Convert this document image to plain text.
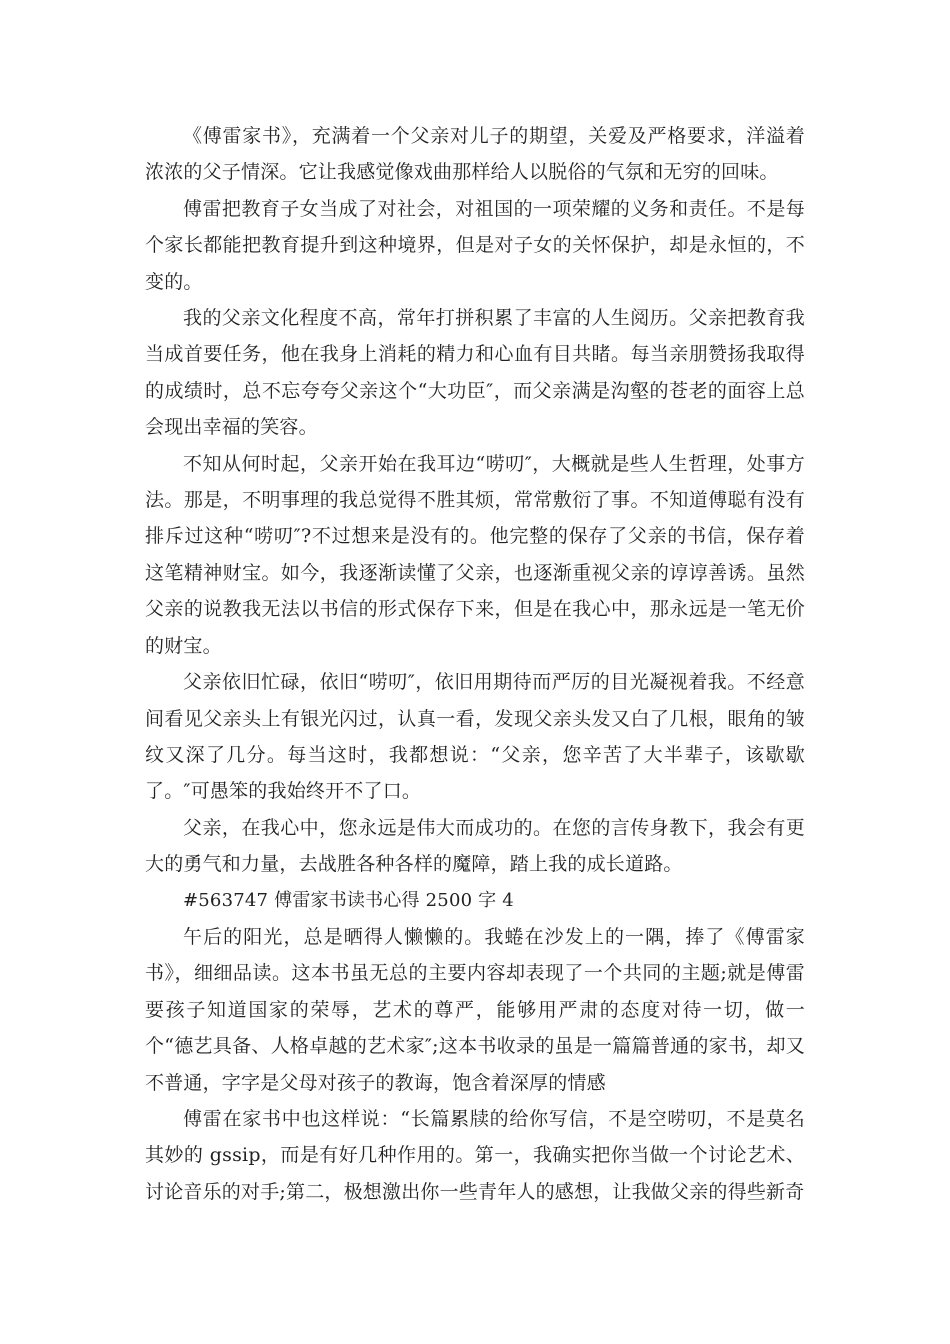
《傅雷家书》，充满着一个父亲对儿子的期望，关爱及严格要求，洋溢着浓浓的父子情深。它让我感觉像戏曲那样给人以脱俗的气氛和无穷的回味。

傅雷把教育子女当成了对社会，对祖国的一项荣耀的义务和责任。不是每个家长都能把教育提升到这种境界，但是对子女的关怀保护，却是永恒的，不变的。

我的父亲文化程度不高，常年打拼积累了丰富的人生阅历。父亲把教育我当成首要任务，他在我身上消耗的精力和心血有目共睹。每当亲朋赞扬我取得的成绩时，总不忘夸夸父亲这个“大功臣″，而父亲满是沟壑的苍老的面容上总会现出幸福的笑容。

不知从何时起，父亲开始在我耳边“唠叨″，大概就是些人生哲理，处事方法。那是，不明事理的我总觉得不胜其烦，常常敷衍了事。不知道傅聪有没有排斥过这种“唠叨″?不过想来是没有的。他完整的保存了父亲的书信，保存着这笔精神财宝。如今，我逐渐读懂了父亲，也逐渐重视父亲的谆谆善诱。虽然父亲的说教我无法以书信的形式保存下来，但是在我心中，那永远是一笔无价的财宝。

父亲依旧忙碌，依旧“唠叨″，依旧用期待而严厉的目光凝视着我。不经意间看见父亲头上有银光闪过，认真一看，发现父亲头发又白了几根，眼角的皱纹又深了几分。每当这时，我都想说：“父亲，您辛苦了大半辈子，该歇歇了。″可愚笨的我始终开不了口。

父亲，在我心中，您永远是伟大而成功的。在您的言传身教下，我会有更大的勇气和力量，去战胜各种各样的魔障，踏上我的成长道路。

#563747 傅雷家书读书心得 2500 字 4

午后的阳光，总是晒得人懒懒的。我蜷在沙发上的一隅，捧了《傅雷家书》，细细品读。这本书虽无总的主要内容却表现了一个共同的主题;就是傅雷要孩子知道国家的荣辱，艺术的尊严，能够用严肃的态度对待一切，做一个“德艺具备、人格卓越的艺术家″;这本书收录的虽是一篇篇普通的家书，却又不普通，字字是父母对孩子的教诲，饱含着深厚的情感

傅雷在家书中也这样说：“长篇累牍的给你写信，不是空唠叨，不是莫名其妙的 gssip，而是有好几种作用的。第一，我确实把你当做一个讨论艺术、讨论音乐的对手;第二，极想激出你一些青年人的感想，让我做父亲的得些新奇
